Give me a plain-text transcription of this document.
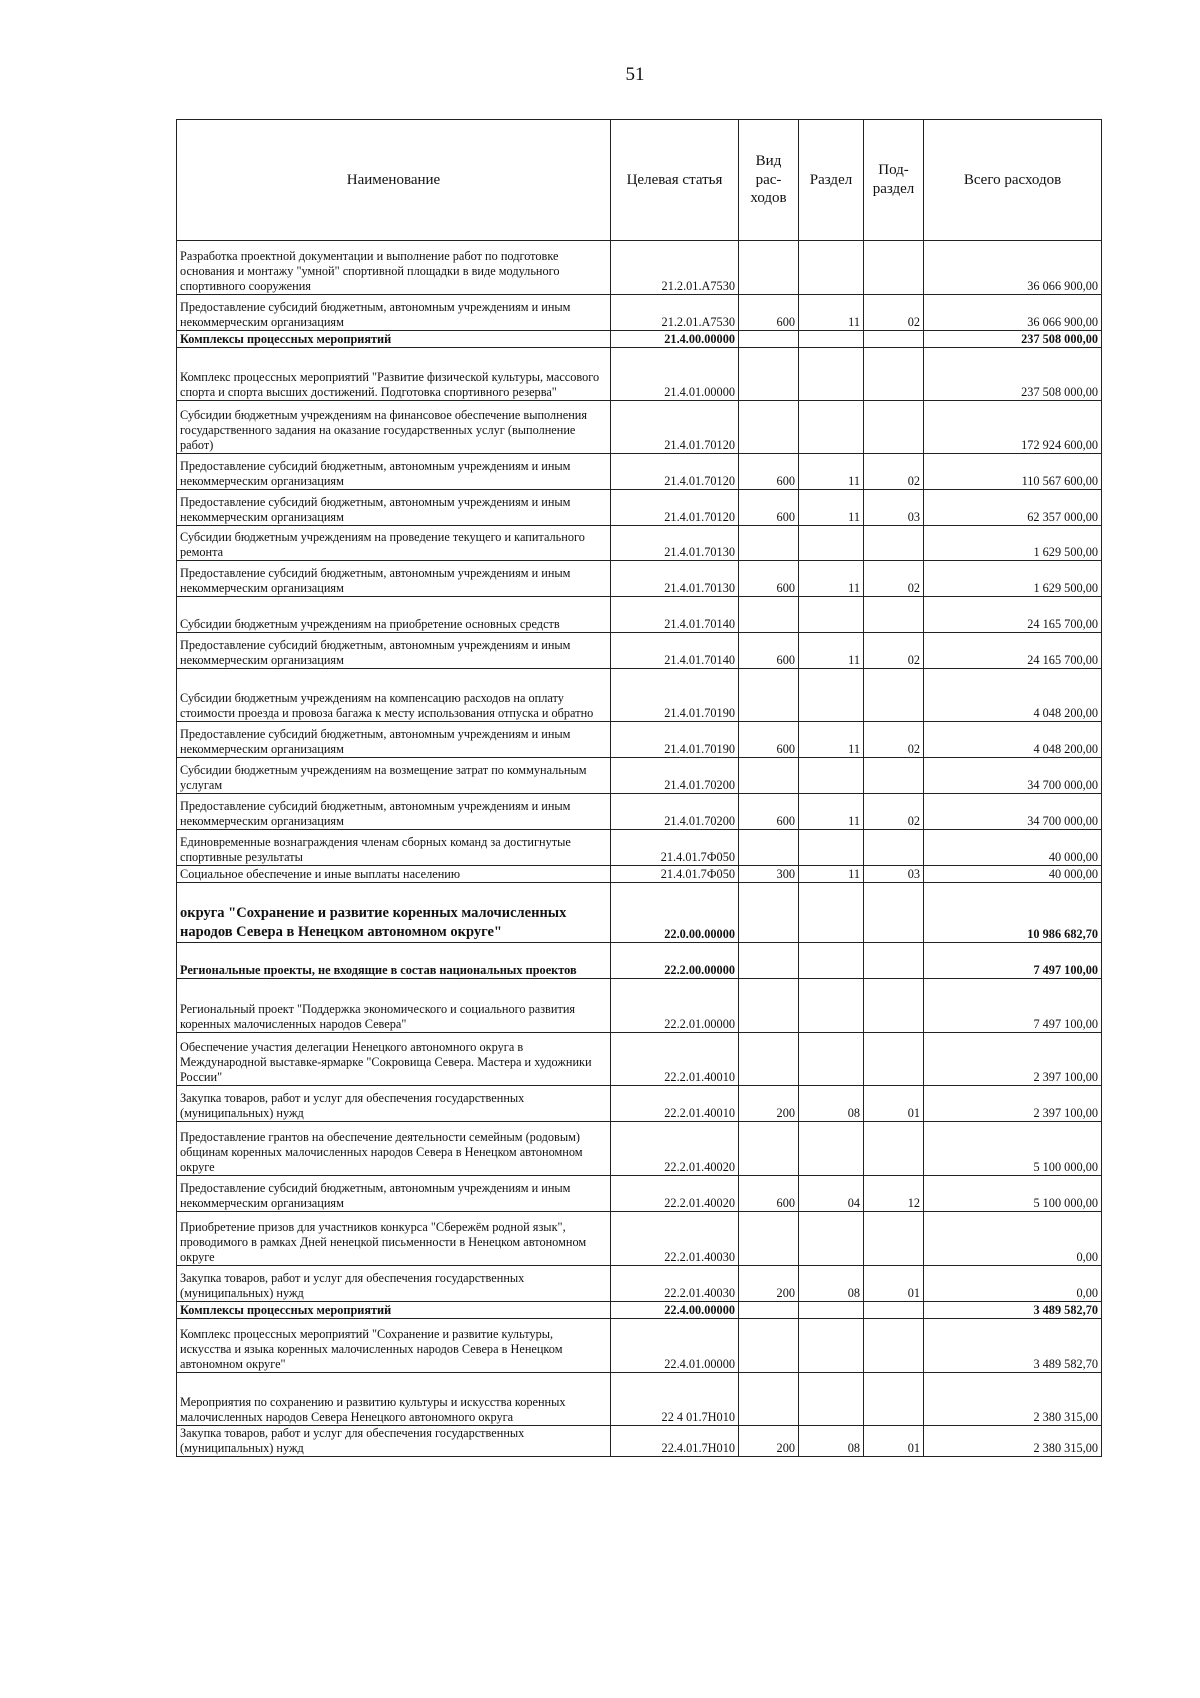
51
Наименование	Целевая статья	Вид рас- ходов	Раздел	Под- раздел	Всего расходов
Разработка проектной документации и выполнение работ по подготовке основания и монтажу "умной" спортивной площадки в виде модульного спортивного сооружения	21.2.01.A7530				36 066 900,00
Предоставление субсидий бюджетным, автономным учреждениям и иным некоммерческим организациям	21.2.01.A7530	600	11	02	36 066 900,00
Комплексы процессных мероприятий	21.4.00.00000				237 508 000,00
Комплекс процессных мероприятий "Развитие физической культуры, массового спорта и спорта высших достижений. Подготовка спортивного резерва"	21.4.01.00000				237 508 000,00
Субсидии бюджетным учреждениям на финансовое обеспечение выполнения государственного задания на оказание государственных услуг (выполнение работ)	21.4.01.70120				172 924 600,00
Предоставление субсидий бюджетным, автономным учреждениям и иным некоммерческим организациям	21.4.01.70120	600	11	02	110 567 600,00
Предоставление субсидий бюджетным, автономным учреждениям и иным некоммерческим организациям	21.4.01.70120	600	11	03	62 357 000,00
Субсидии бюджетным учреждениям на проведение текущего и капитального ремонта	21.4.01.70130				1 629 500,00
Предоставление субсидий бюджетным, автономным учреждениям и иным некоммерческим организациям	21.4.01.70130	600	11	02	1 629 500,00
Субсидии бюджетным учреждениям на приобретение основных средств	21.4.01.70140				24 165 700,00
Предоставление субсидий бюджетным, автономным учреждениям и иным некоммерческим организациям	21.4.01.70140	600	11	02	24 165 700,00
Субсидии бюджетным учреждениям на компенсацию расходов на оплату стоимости проезда и провоза багажа к месту использования отпуска и обратно	21.4.01.70190				4 048 200,00
Предоставление субсидий бюджетным, автономным учреждениям и иным некоммерческим организациям	21.4.01.70190	600	11	02	4 048 200,00
Субсидии бюджетным учреждениям на возмещение затрат по коммунальным услугам	21.4.01.70200				34 700 000,00
Предоставление субсидий бюджетным, автономным учреждениям и иным некоммерческим организациям	21.4.01.70200	600	11	02	34 700 000,00
Единовременные вознаграждения членам сборных команд за достигнутые спортивные результаты	21.4.01.7Ф050				40 000,00
Социальное обеспечение и иные выплаты населению	21.4.01.7Ф050	300	11	03	40 000,00
округа "Сохранение и развитие коренных малочисленных народов Севера в Ненецком автономном округе"	22.0.00.00000				10 986 682,70
Региональные проекты, не входящие в состав национальных проектов	22.2.00.00000				7 497 100,00
Региональный проект "Поддержка экономического и социального развития коренных малочисленных народов Севера"	22.2.01.00000				7 497 100,00
Обеспечение участия делегации Ненецкого автономного округа в Международной выставке-ярмарке "Сокровища Севера. Мастера и художники России"	22.2.01.40010				2 397 100,00
Закупка товаров, работ и услуг для обеспечения государственных (муниципальных) нужд	22.2.01.40010	200	08	01	2 397 100,00
Предоставление грантов на обеспечение деятельности семейным (родовым) общинам коренных малочисленных народов Севера в Ненецком автономном округе	22.2.01.40020				5 100 000,00
Предоставление субсидий бюджетным, автономным учреждениям и иным некоммерческим организациям	22.2.01.40020	600	04	12	5 100 000,00
Приобретение призов для участников конкурса "Сбережём родной язык", проводимого в рамках Дней ненецкой письменности в Ненецком автономном округе	22.2.01.40030				0,00
Закупка товаров, работ и услуг для обеспечения государственных (муниципальных) нужд	22.2.01.40030	200	08	01	0,00
Комплексы процессных мероприятий	22.4.00.00000				3 489 582,70
Комплекс процессных мероприятий "Сохранение и развитие культуры, искусства и языка коренных малочисленных народов Севера в Ненецком автономном округе"	22.4.01.00000				3 489 582,70
Мероприятия по сохранению и развитию культуры и искусства коренных малочисленных народов Севера Ненецкого автономного округа	22 4 01.7Н010				2 380 315,00
Закупка товаров, работ и услуг для обеспечения государственных (муниципальных) нужд	22.4.01.7Н010	200	08	01	2 380 315,00
